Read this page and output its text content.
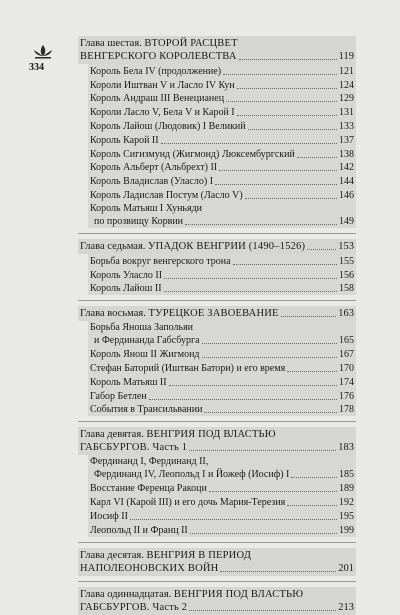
334
Глава шестая. ВТОРОЙ РАСЦВЕТ
ВЕНГЕРСКОГО КОРОЛЕВСТВА	119
Король Бела IV (продолжение)	121
Короли Иштван V и Ласло IV Кун	124
Король Андраш III Венецианец	129
Короли Ласло V, Бела V и Карой I	131
Король Лайош (Людовик) I Великий	133
Король Карой II	137
Король Сигизмунд (Жигмонд) Люксембургский	138
Король Альберт (Альбрехт) II	142
Король Владислав (Уласло) I	144
Король Ладислав Постум (Ласло V)	146
Король Матьяш I Хуньяди
по прозвищу Корвин	149
Глава седьмая. УПАДОК ВЕНГРИИ (1490–1526)	153
Борьба вокруг венгерского трона	155
Король Уласло II	156
Король Лайош II	158
Глава восьмая. ТУРЕЦКОЕ ЗАВОЕВАНИЕ	163
Борьба Яноша Запольяи
и Фердинанда Габсбурга	165
Король Янош II Жигмонд	167
Стефан Баторий (Иштван Батори) и его время	170
Король Матьяш II	174
Габор Бетлен	176
События в Трансильвании	178
Глава девятая. ВЕНГРИЯ ПОД ВЛАСТЬЮ
ГАБСБУРГОВ. Часть 1	183
Фердинанд I, Фердинанд II,
Фердинанд IV, Леопольд I и Йожеф (Иосиф) I	185
Восстание Ференца Ракоци	189
Карл VI (Карой III) и его дочь Мария-Терезия	192
Иосиф II	195
Леопольд II и Франц II	199
Глава десятая. ВЕНГРИЯ В ПЕРИОД
НАПОЛЕОНОВСКИХ ВОЙН	201
Глава одиннадцатая. ВЕНГРИЯ ПОД ВЛАСТЬЮ
ГАБСБУРГОВ. Часть 2	213
